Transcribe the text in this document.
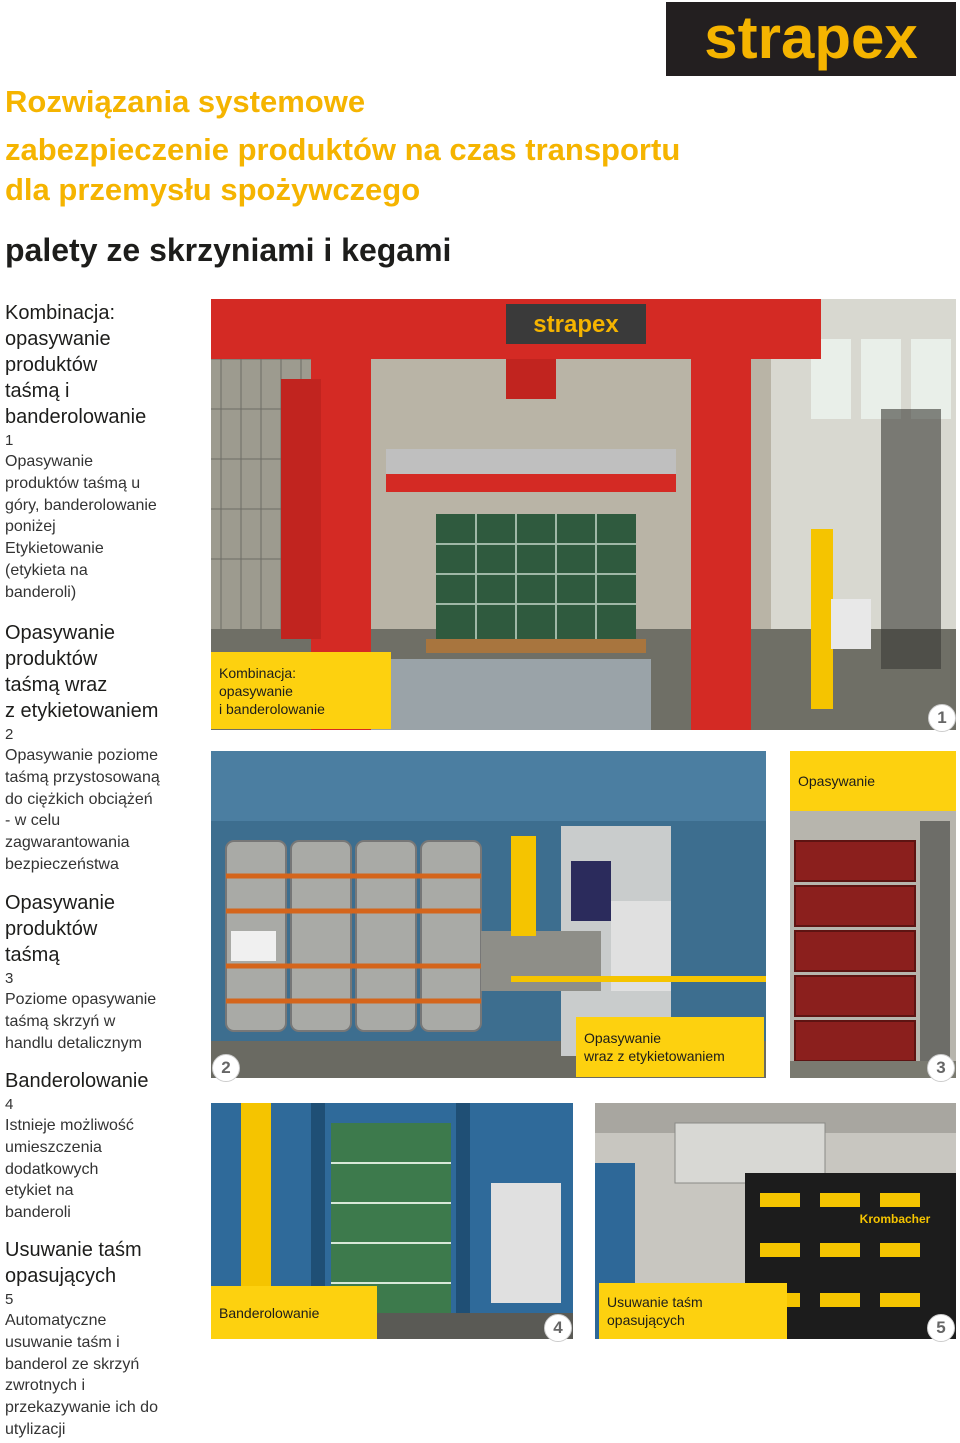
strapex
Rozwiązania systemowe
zabezpieczenie produktów na czas transportu
dla przemysłu spożywczego
palety ze skrzyniami i kegami

Kombinacja:
opasywanie
produktów
taśmą i
banderolowanie

1

Opasywanie
produktów taśmą u
góry, banderolowanie
poniżej
Etykietowanie
(etykieta na
banderoli)

Opasywanie
produktów
taśmą wraz
z etykietowaniem

2

Opasywanie poziome
taśmą przystosowaną
do ciężkich obciążeń
- w celu
zagwarantowania
bezpieczeństwa

Opasywanie
produktów
taśmą

3

Poziome opasywanie
taśmą skrzyń w
handlu detalicznym

Banderolowanie

4

Istnieje możliwość
umieszczenia
dodatkowych
etykiet na
banderoli

Usuwanie taśm
opasujących

5

Automatyczne
usuwanie taśm i
banderol ze skrzyń
zwrotnych i
przekazywanie ich do
utylizacji

strapex
Kombinacja:
opasywanie
i banderolowanie	1
Opasywanie
wraz z etykietowaniem
2
Opasywanie
3
Banderolowanie
4
Krombacher
Usuwanie taśm
opasujących	5
